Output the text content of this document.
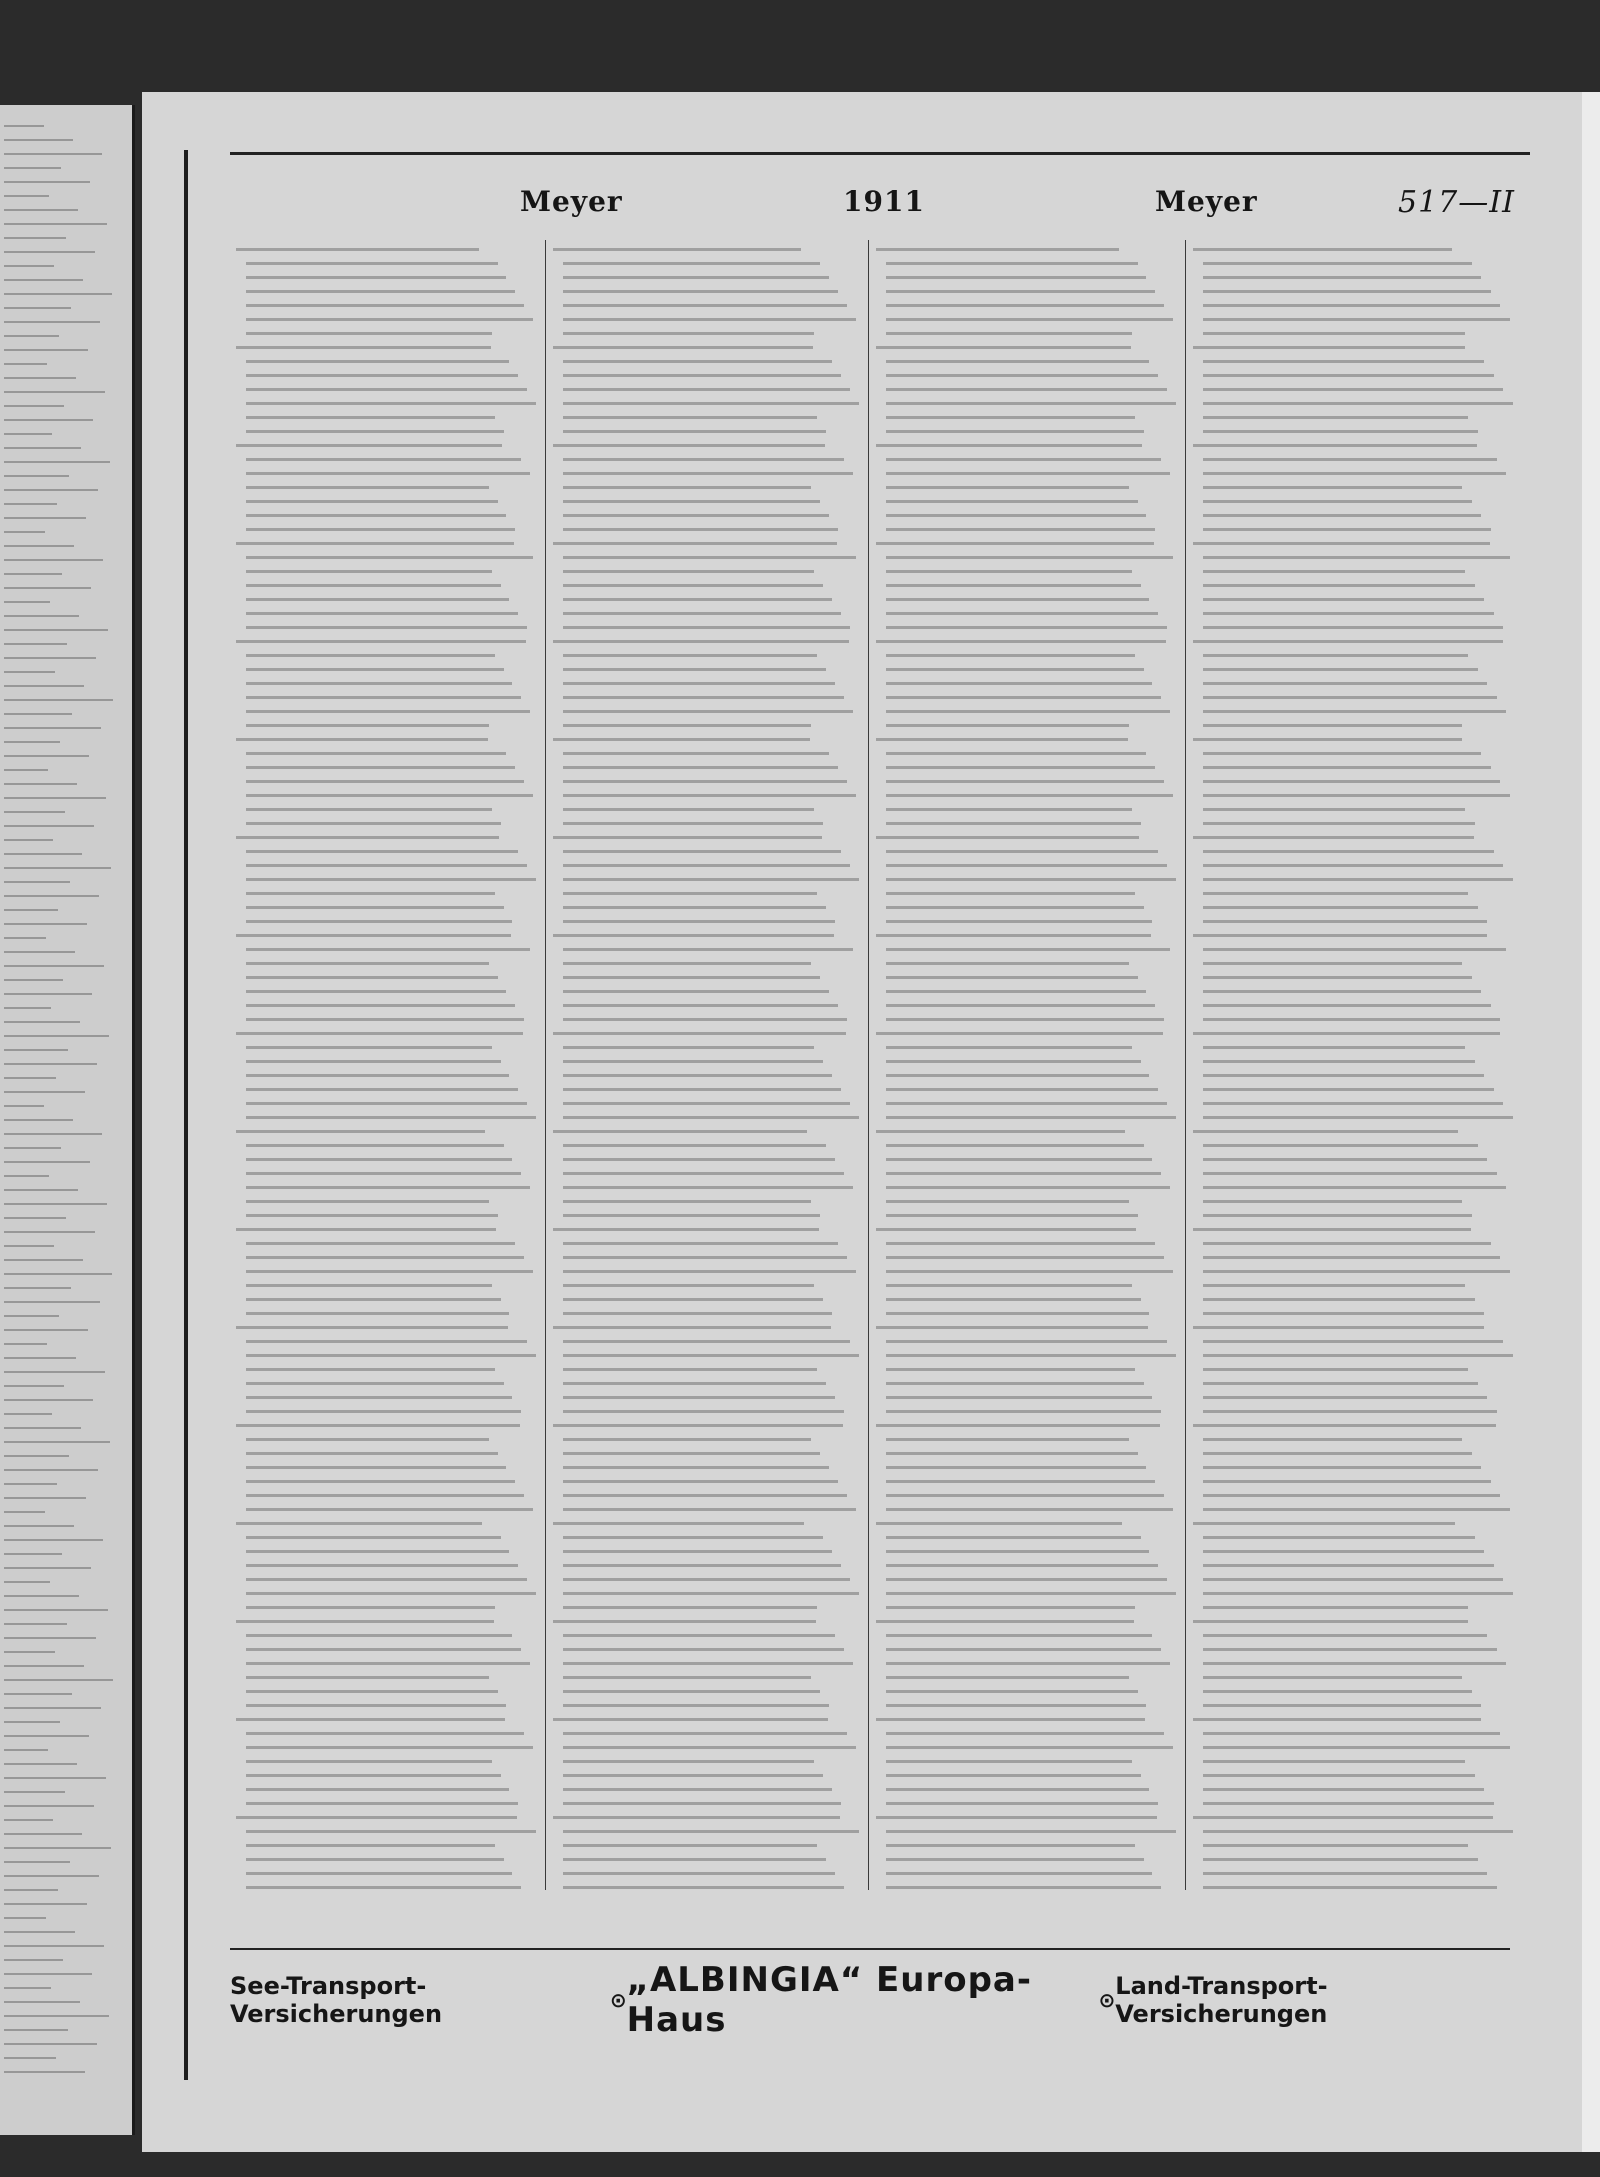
Meyer	1911	Meyer	517—II
See-Transport-Versicherungen	⊙ „ALBINGIA“ Europa-Haus	⊙ Land-Transport-Versicherungen
